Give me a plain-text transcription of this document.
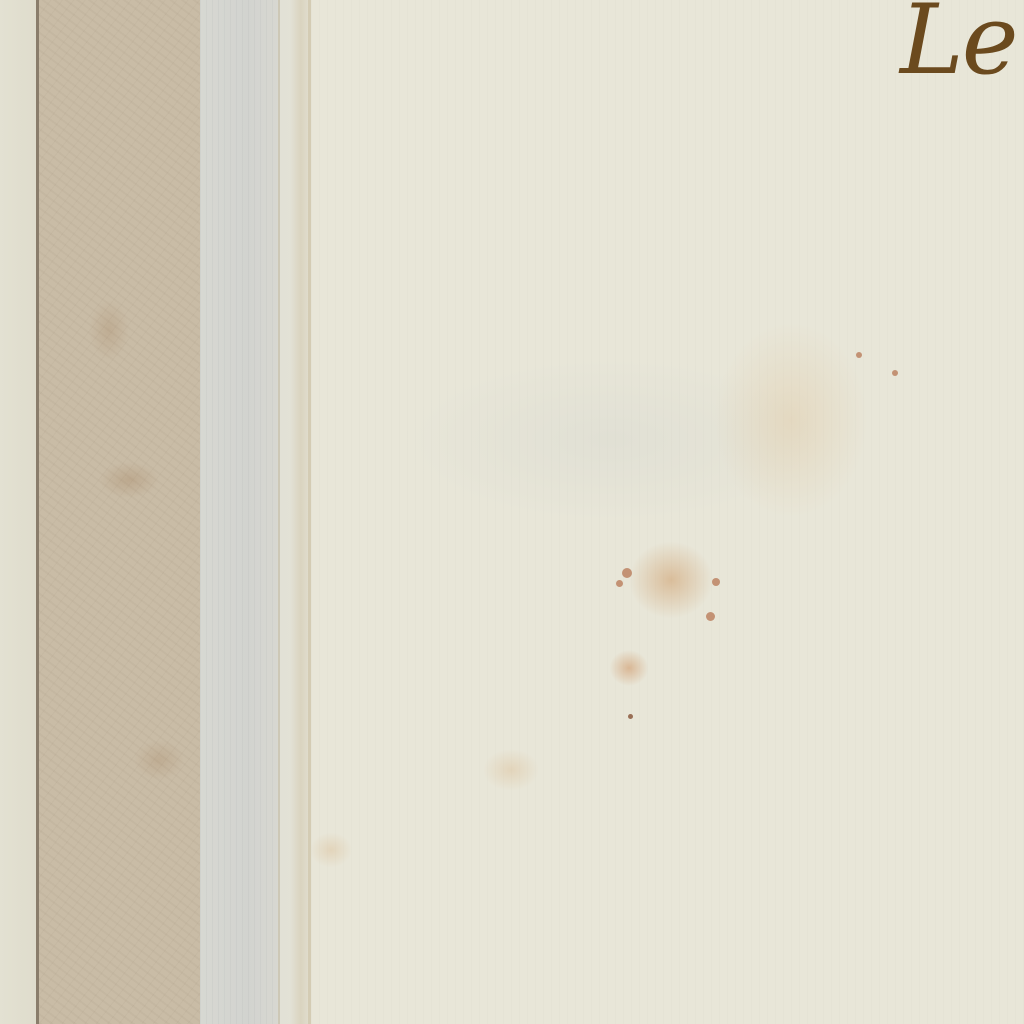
Le
